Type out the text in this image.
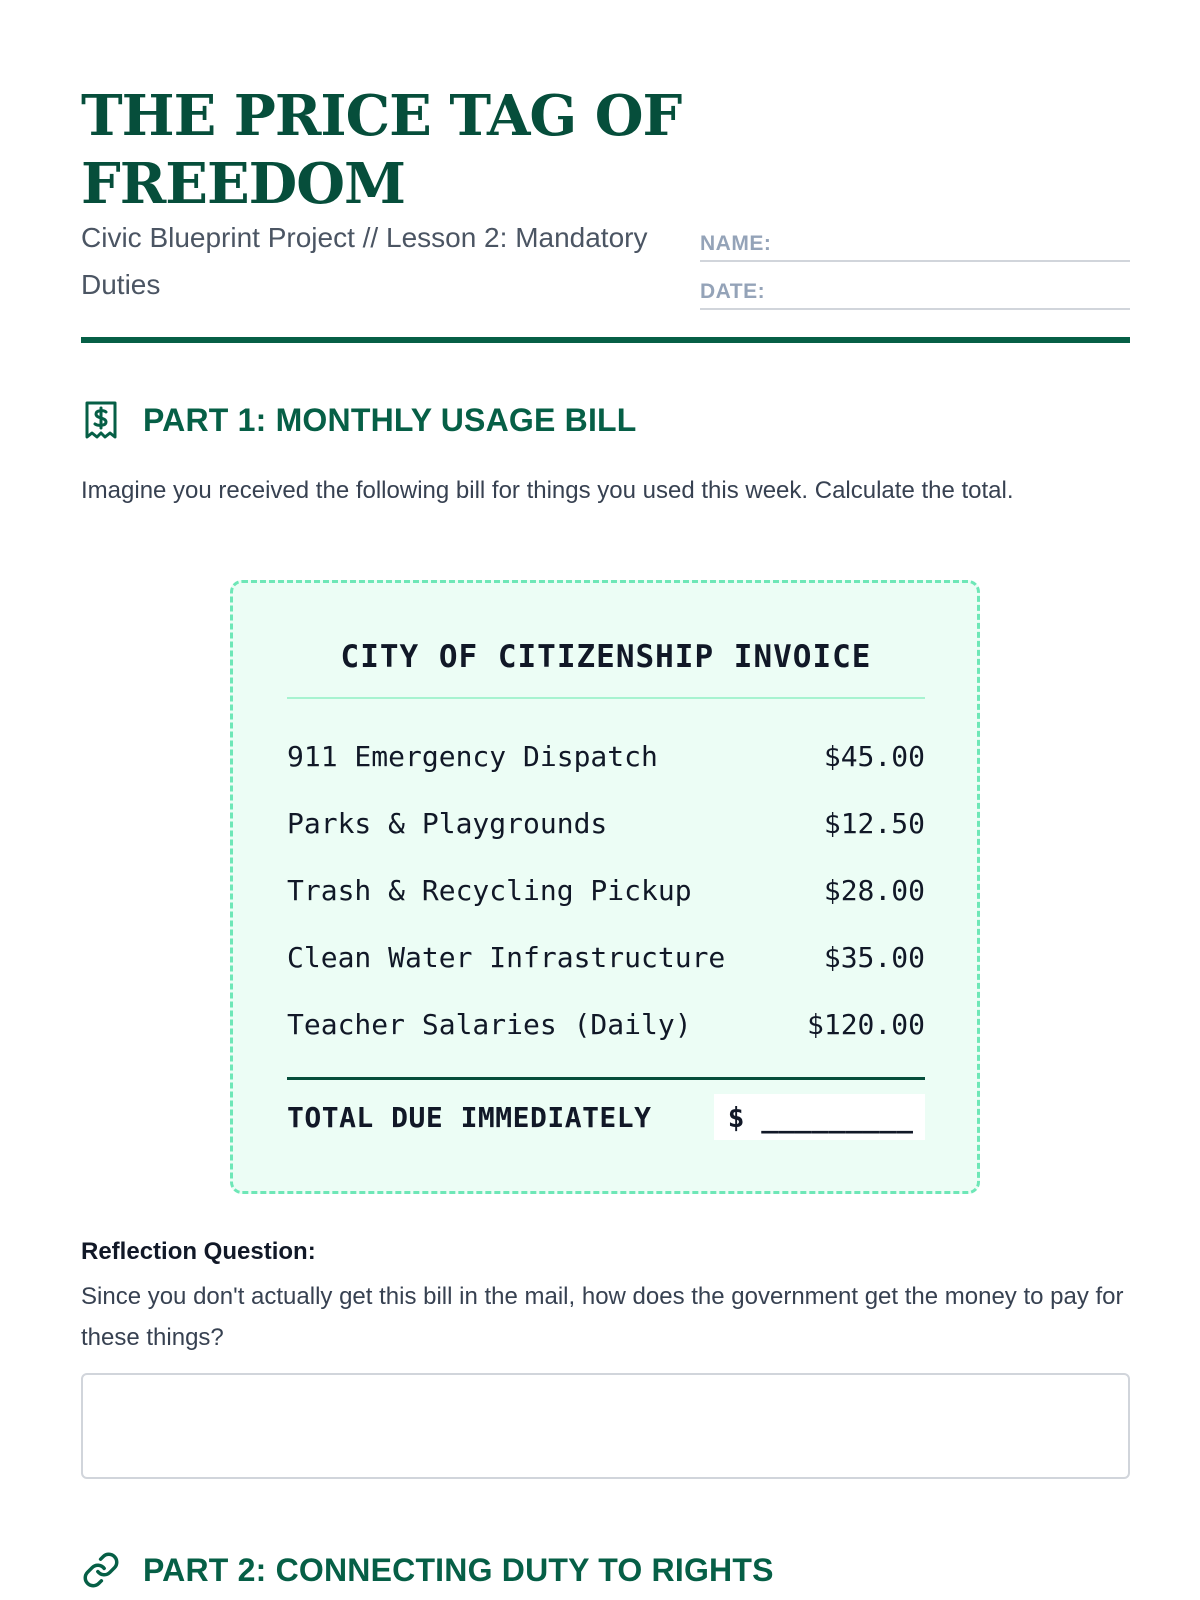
THE PRICE TAG OF FREEDOM
Civic Blueprint Project // Lesson 2: Mandatory Duties
NAME:
DATE:
PART 1: MONTHLY USAGE BILL
Imagine you received the following bill for things you used this week. Calculate the total.
CITY OF CITIZENSHIP INVOICE
911 Emergency Dispatch	$45.00
Parks & Playgrounds	$12.50
Trash & Recycling Pickup	$28.00
Clean Water Infrastructure	$35.00
Teacher Salaries (Daily)	$120.00
TOTAL DUE IMMEDIATELY	$ _________
Reflection Question:
Since you don't actually get this bill in the mail, how does the government get the money to pay for these things?
PART 2: CONNECTING DUTY TO RIGHTS
